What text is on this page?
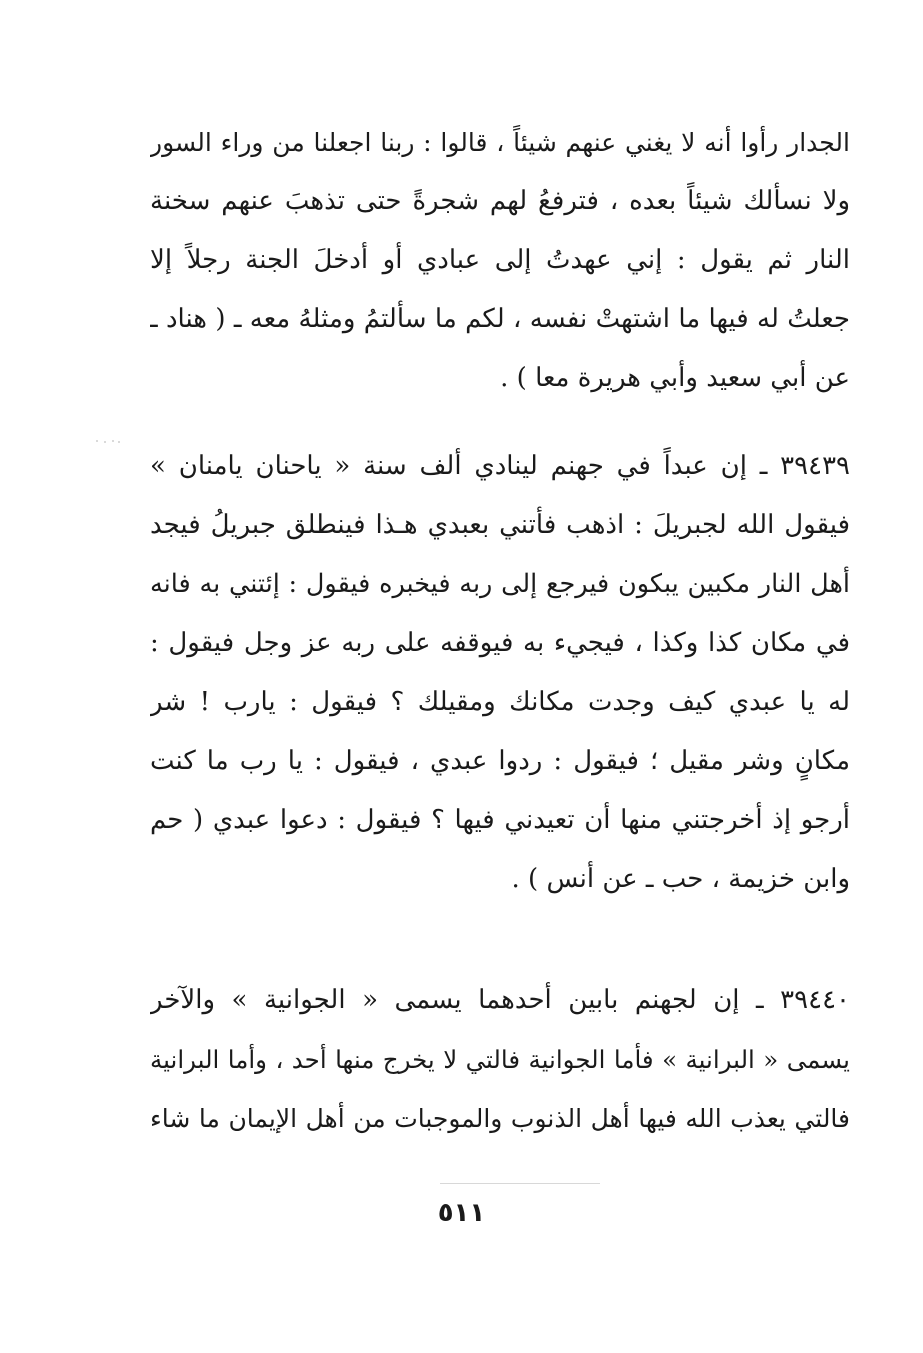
الجدار رأوا أنه لا يغني عنهم شيئاً ، قالوا : ربنا اجعلنا من وراء السور
ولا نسألك شيئاً بعده ، فترفعُ لهم شجرةً حتى تذهبَ عنهم سخنة
النار ثم يقول : إني عهدتُ إلى عبادي أو أدخلَ الجنة رجلاً إلا
جعلتُ له فيها ما اشتهتْ نفسه ، لكم ما سألتمُ ومثلهُ معه ـ ( هناد ـ
عن أبي سعيد وأبي هريرة معا ) .
٣٩٤٣٩ ـ إن عبداً في جهنم لينادي ألف سنة « ياحنان يامنان »
فيقول الله لجبريلَ : اذهب فأتني بعبدي هـذا فينطلق جبريلُ فيجد
أهل النار مكبين يبكون فيرجع إلى ربه فيخبره فيقول : إئتني به فانه
في مكان كذا وكذا ، فيجيء به فيوقفه على ربه عز وجل فيقول :
له يا عبدي كيف وجدت مكانك ومقيلك ؟ فيقول : يارب ! شر
مكانٍ وشر مقيل ؛ فيقول : ردوا عبدي ، فيقول : يا رب ما كنت
أرجو إذ أخرجتني منها أن تعيدني فيها ؟ فيقول : دعوا عبدي ( حم
وابن خزيمة ، حب ـ عن أنس ) .
٣٩٤٤٠ ـ إن لجهنم بابين أحدهما يسمى « الجوانية » والآخر
يسمى « البرانية » فأما الجوانية فالتي لا يخرج منها أحد ، وأما البرانية
فالتي يعذب الله فيها أهل الذنوب والموجبات من أهل الإيمان ما شاء
٥١١
